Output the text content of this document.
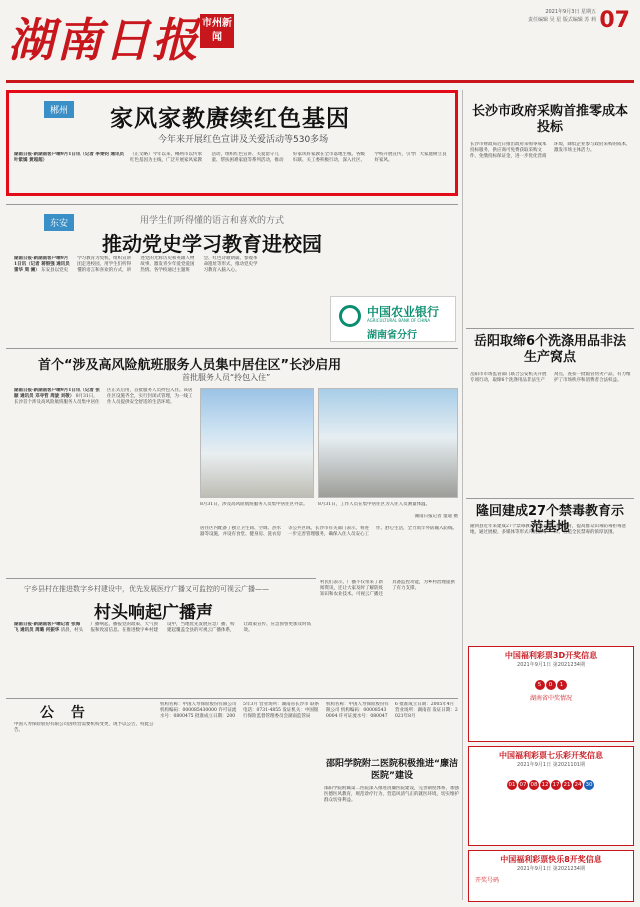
湖南日报 市州新闻
2021年9月3日 星期五
责任编辑 吴 星 版式编辑 苏 莉 07
郴州 家风家教赓续红色基因
今年来开展红色宣讲及关爱活动等530多场
湖南日报·新湖南客户端9月1日讯（记者 李秉钧 通讯员 叶紫嫣 黄超超）
（正文略）今年以来，郴州市以传承红色基因为主线，广泛开展家风家教活动，组织红色宣讲、关爱留守儿童、帮扶困难家庭等系列活动，推动好家风好家教在全市落地生根。各级妇联、关工委积极行动，深入社区、学校开展宣传，引导广大家庭树立良好家风。
东安	用学生们听得懂的语言和喜欢的方式
推动党史学习教育进校园
湖南日报·新湖南客户端9月1日讯（记者 蒋银强 通讯员 雷华 周 澜） 东安县以党史学习教育为契机，组织宣讲团走进校园，用学生们听得懂的语言和喜欢的方式，讲述党的光辉历史和英雄人物故事，激发青少年爱党爱国热情。各学校通过主题班会、红色诗歌朗诵、参观革命遗址等形式，推动党史学习教育入脑入心。
中国农业银行
AGRICULTURAL BANK OF CHINA
湖南省分行
首个“涉及高风险航班服务人员集中居住区”长沙启用
首批服务人员“拎包入住”
湖南日报·新湖南客户端9月1日讯（记者 张 颐 通讯员 邓寻哲 周旋 刘敬） 8月31日，长沙首个涉及高风险航班服务人员集中居住区正式启用，首批服务人员拎包入住。该居住区设施齐全，实行封闭式管理，为一线工作人员提供安全舒适的生活环境。
8月31日，涉及高风险航班服务人员集中居住区外景。	8月31日，工作人员在集中居住区为入住人员测量体温。
湖南日报记者 童迪 摄
居住区内配备了独立卫生间、空调、热水器等设施，并设有食堂、健身房、洗衣房等公共区域。长沙市有关部门表示，将进一步完善管理服务，确保入住人员安心工作、舒心生活，全力筑牢外防输入防线。
宁乡县村在推进数字乡村建设中，优先发展医疗广播又可监控的可视云广播——
村头响起广播声
湖南日报·新湖南客户端记者 张海飞 通讯员 周璐 何振华 清晨，村头广播响起，播报党的政策、天气预报和致富信息。在推进数字乡村建设中，当地优先发展应急广播，构建起覆盖全县的可视云广播体系，让政策宣传、应急预警更加及时高效。
村民们表示，广播不仅带来了新闻资讯，还让大家及时了解防疫知识和农业技术。可视云广播还具备监控功能，为乡村治理提供了有力支撑。
公 告
中国人寿保险股份有限公司因经营需要机构变更，现予以公告，特此公告。
机构名称：中国人寿保险股份有限公司 机构编码：000085430000 许可证流水号：0800475 批准成立日期：2005年3月 营业场所：湖南省长沙市 联系电话：0731-4855 发证机关：中国银行保险监督管理委员会湖南监管局
机构名称：中国人寿保险股份有限公司 机构编码：000085430004 许可证流水号：0800476 批准成立日期：2005年4月 营业场所：湖南省 发证日期：2021年8月
长沙市政府采购首推零成本投标
长沙市财政局近日推出政府采购零成本投标服务，供应商可免费获取采购文件、免缴投标保证金，进一步优化营商环境，降低企业参与政府采购的成本，激发市场主体活力。
岳阳取缔6个洗涤用品非法生产窝点
岳阳市市场监管部门联合公安机关开展专项行动，取缔6个洗涤用品非法生产窝点，查扣一批假冒伪劣产品，有力维护了市场秩序和消费者合法权益。
隆回建成27个禁毒教育示范基地
隆回县近年来建成27个禁毒教育示范基地，通过展板、多媒体等形式开展禁毒宣传教育，提高群众识毒防毒拒毒意识，营造全民禁毒的浓厚氛围。
中国福利彩票3D开奖信息
2021年9月1日 第2021234期
5 0 1
湖南省中奖情况
中国福利彩票七乐彩开奖信息
2021年9月1日 第2021101期
01 07 08 12 17 21 24 30
中国福利彩票快乐8开奖信息
2021年9月1日 第2021234期
开奖号码
邵阳学院附二医院积极推进“廉洁医院”建设
邵阳学院附属第二医院深入推进清廉医院建设，完善制度体系，加强医德医风教育，规范诊疗行为，营造风清气正的就医环境，切实维护群众切身利益。
